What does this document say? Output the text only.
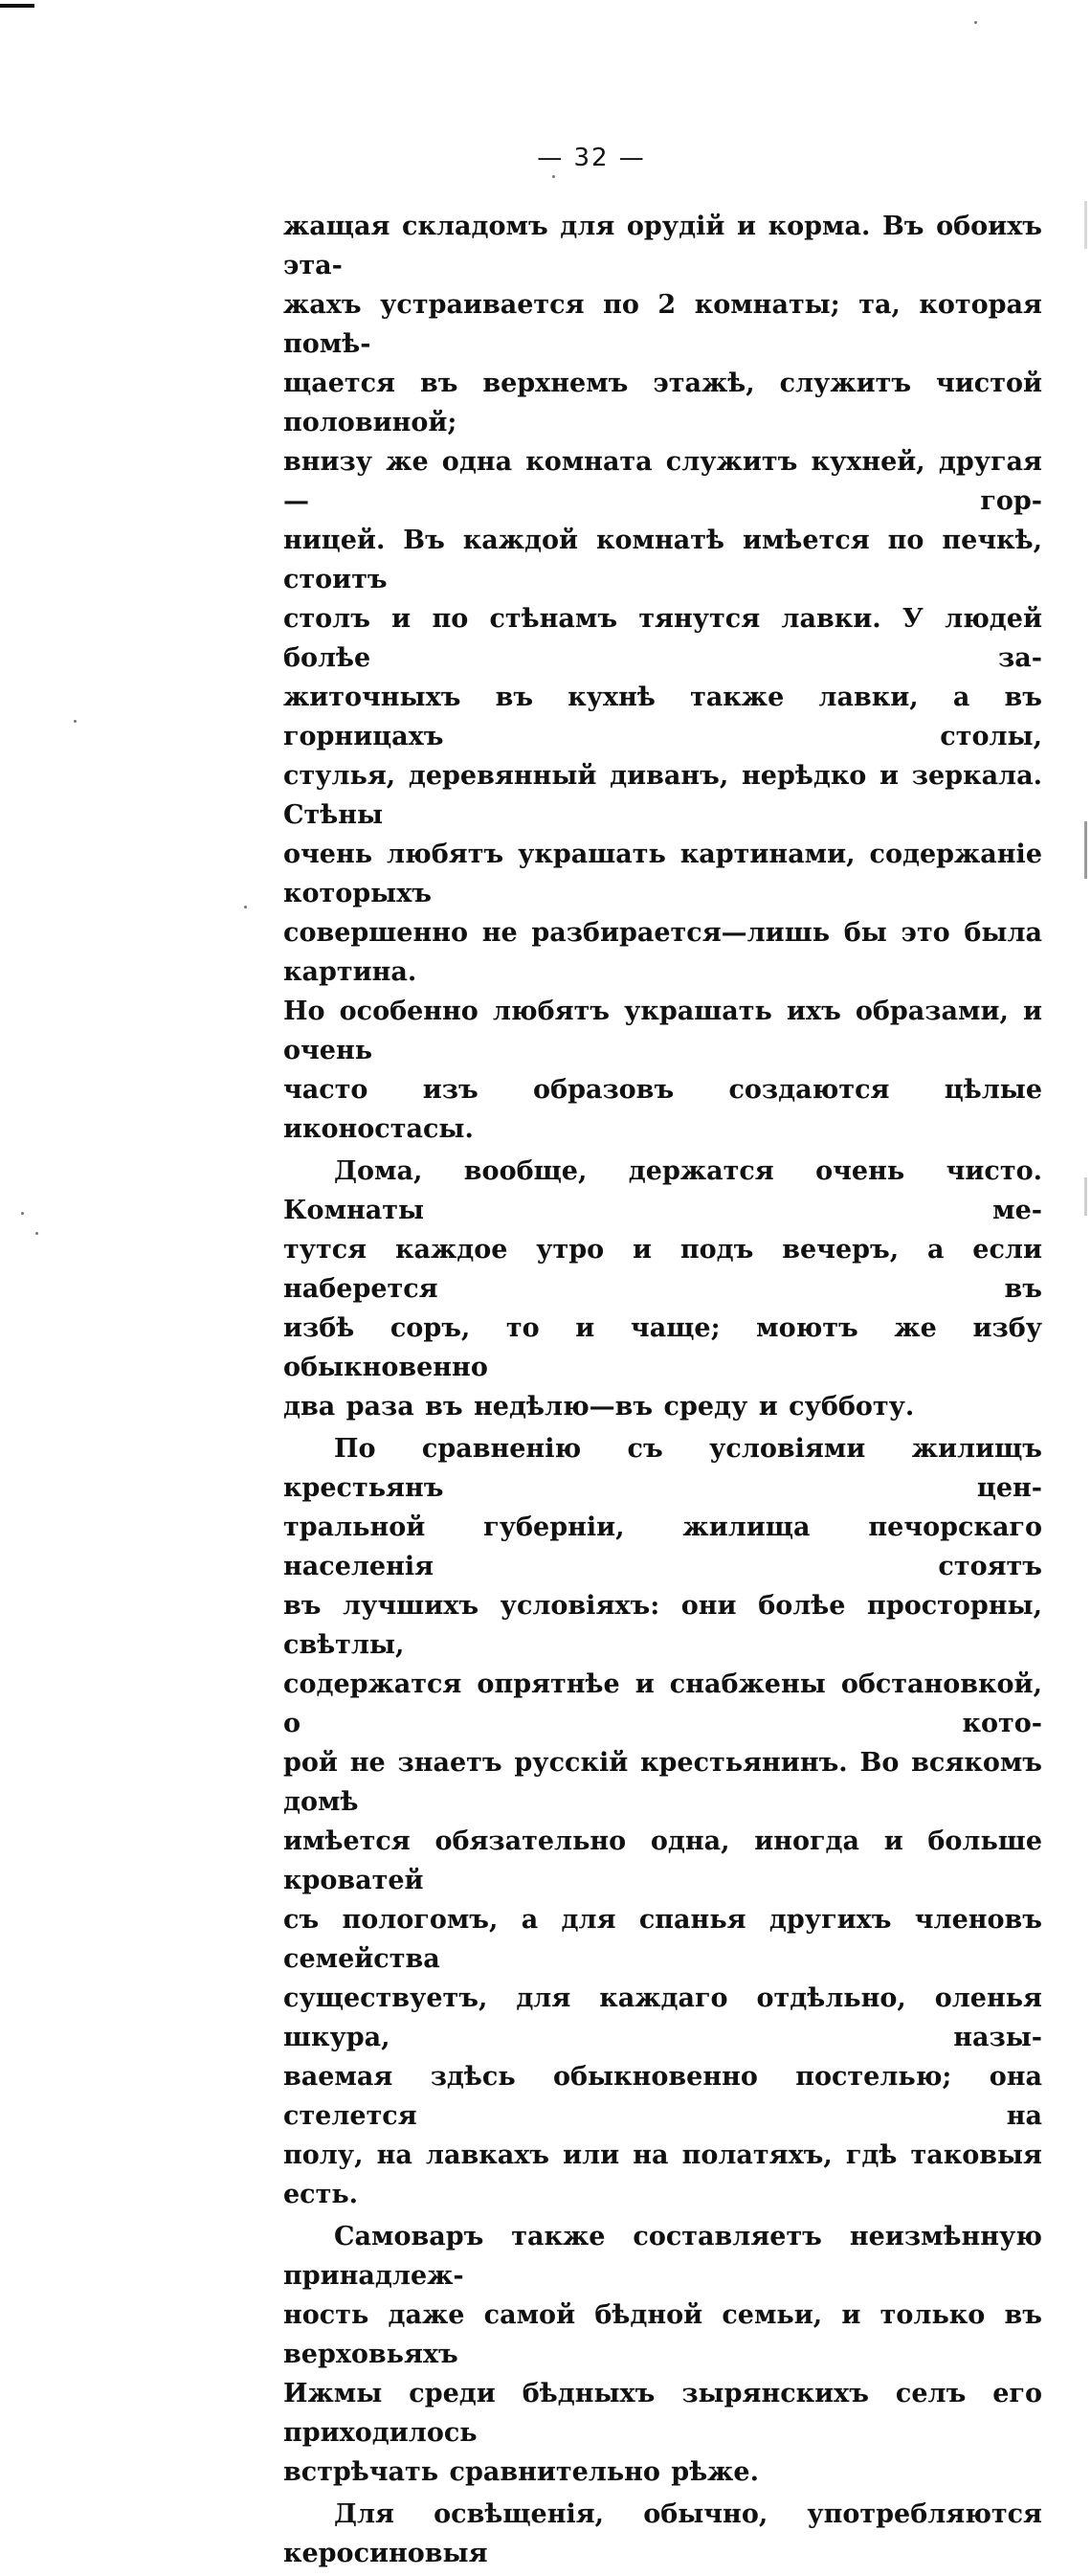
— 32 —

жащая складомъ для орудій и корма. Въ обоихъ эта-
жахъ устраивается по 2 комнаты; та, которая помѣ-
щается въ верхнемъ этажѣ, служитъ чистой половиной;
внизу же одна комната служитъ кухней, другая — гор-
ницей. Въ каждой комнатѣ имѣется по печкѣ, стоитъ
столъ и по стѣнамъ тянутся лавки. У людей болѣе за-
житочныхъ въ кухнѣ также лавки, а въ горницахъ столы,
стулья, деревянный диванъ, нерѣдко и зеркала. Стѣны
очень любятъ украшать картинами, содержаніе которыхъ
совершенно не разбирается—лишь бы это была картина.
Но особенно любятъ украшать ихъ образами, и очень
часто изъ образовъ создаются цѣлые иконостасы.

Дома, вообще, держатся очень чисто. Комнаты ме-
тутся каждое утро и подъ вечеръ, а если наберется въ
избѣ соръ, то и чаще; моютъ же избу обыкновенно
два раза въ недѣлю—въ среду и субботу.

По сравненію съ условіями жилищъ крестьянъ цен-
тральной губерніи, жилища печорскаго населенія стоятъ
въ лучшихъ условіяхъ: они болѣе просторны, свѣтлы,
содержатся опрятнѣе и снабжены обстановкой, о кото-
рой не знаетъ русскій крестьянинъ. Во всякомъ домѣ
имѣется обязательно одна, иногда и больше кроватей
съ пологомъ, а для спанья другихъ членовъ семейства
существуетъ, для каждаго отдѣльно, оленья шкура, назы-
ваемая здѣсь обыкновенно постелью; она стелется на
полу, на лавкахъ или на полатяхъ, гдѣ таковыя есть.

Самоваръ также составляетъ неизмѣнную принадлеж-
ность даже самой бѣдной семьи, и только въ верховьяхъ
Ижмы среди бѣдныхъ зырянскихъ селъ его приходилось
встрѣчать сравнительно рѣже.

Для освѣщенія, обычно, употребляются керосиновыя
